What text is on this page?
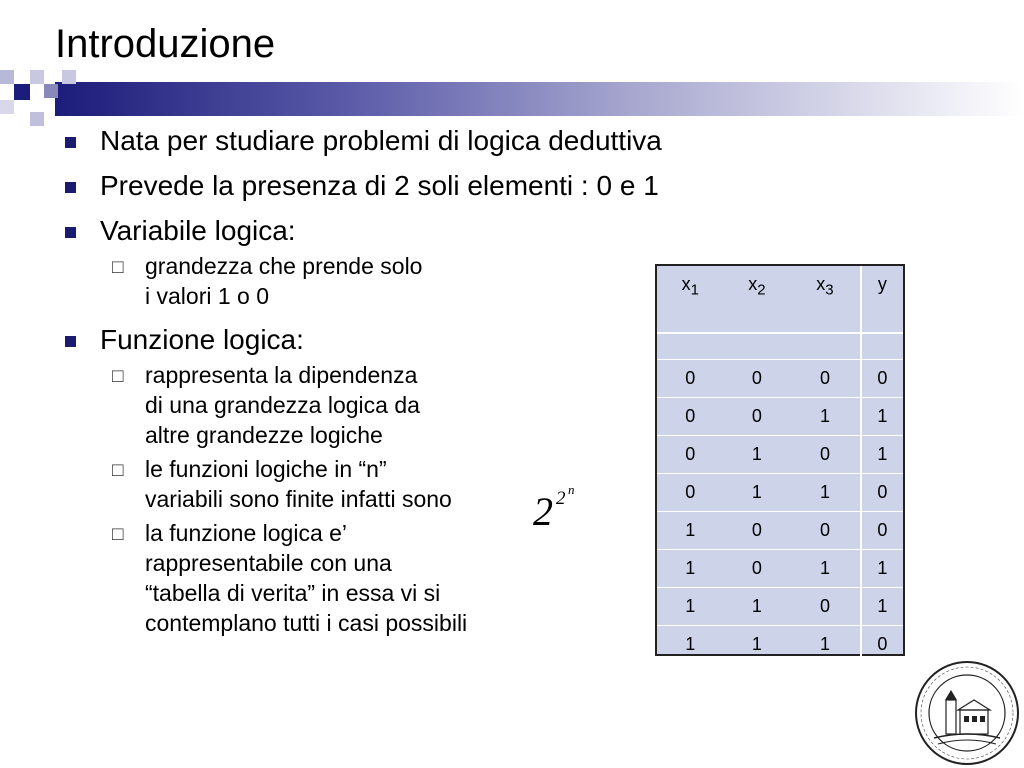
Introduzione
Nata per studiare problemi di logica deduttiva
Prevede la presenza di 2 soli elementi : 0 e 1
Variabile logica:
□ grandezza che prende solo
i valori 1 o 0
Funzione logica:
□ rappresenta la dipendenza
di una grandezza logica da
altre grandezze logiche
□ le funzioni logiche in “n”
variabili sono finite infatti sono
□ la funzione logica e’
rappresentabile con una
“tabella di verita” in essa vi si
contemplano tutti i casi possibili
2 2 n
$x_1$	$x_2$	$x_3$	y

0	0	0	0
0	0	1	1
0	1	0	1
0	1	1	0
1	0	0	0
1	0	1	1
1	1	0	1
1	1	1	0
